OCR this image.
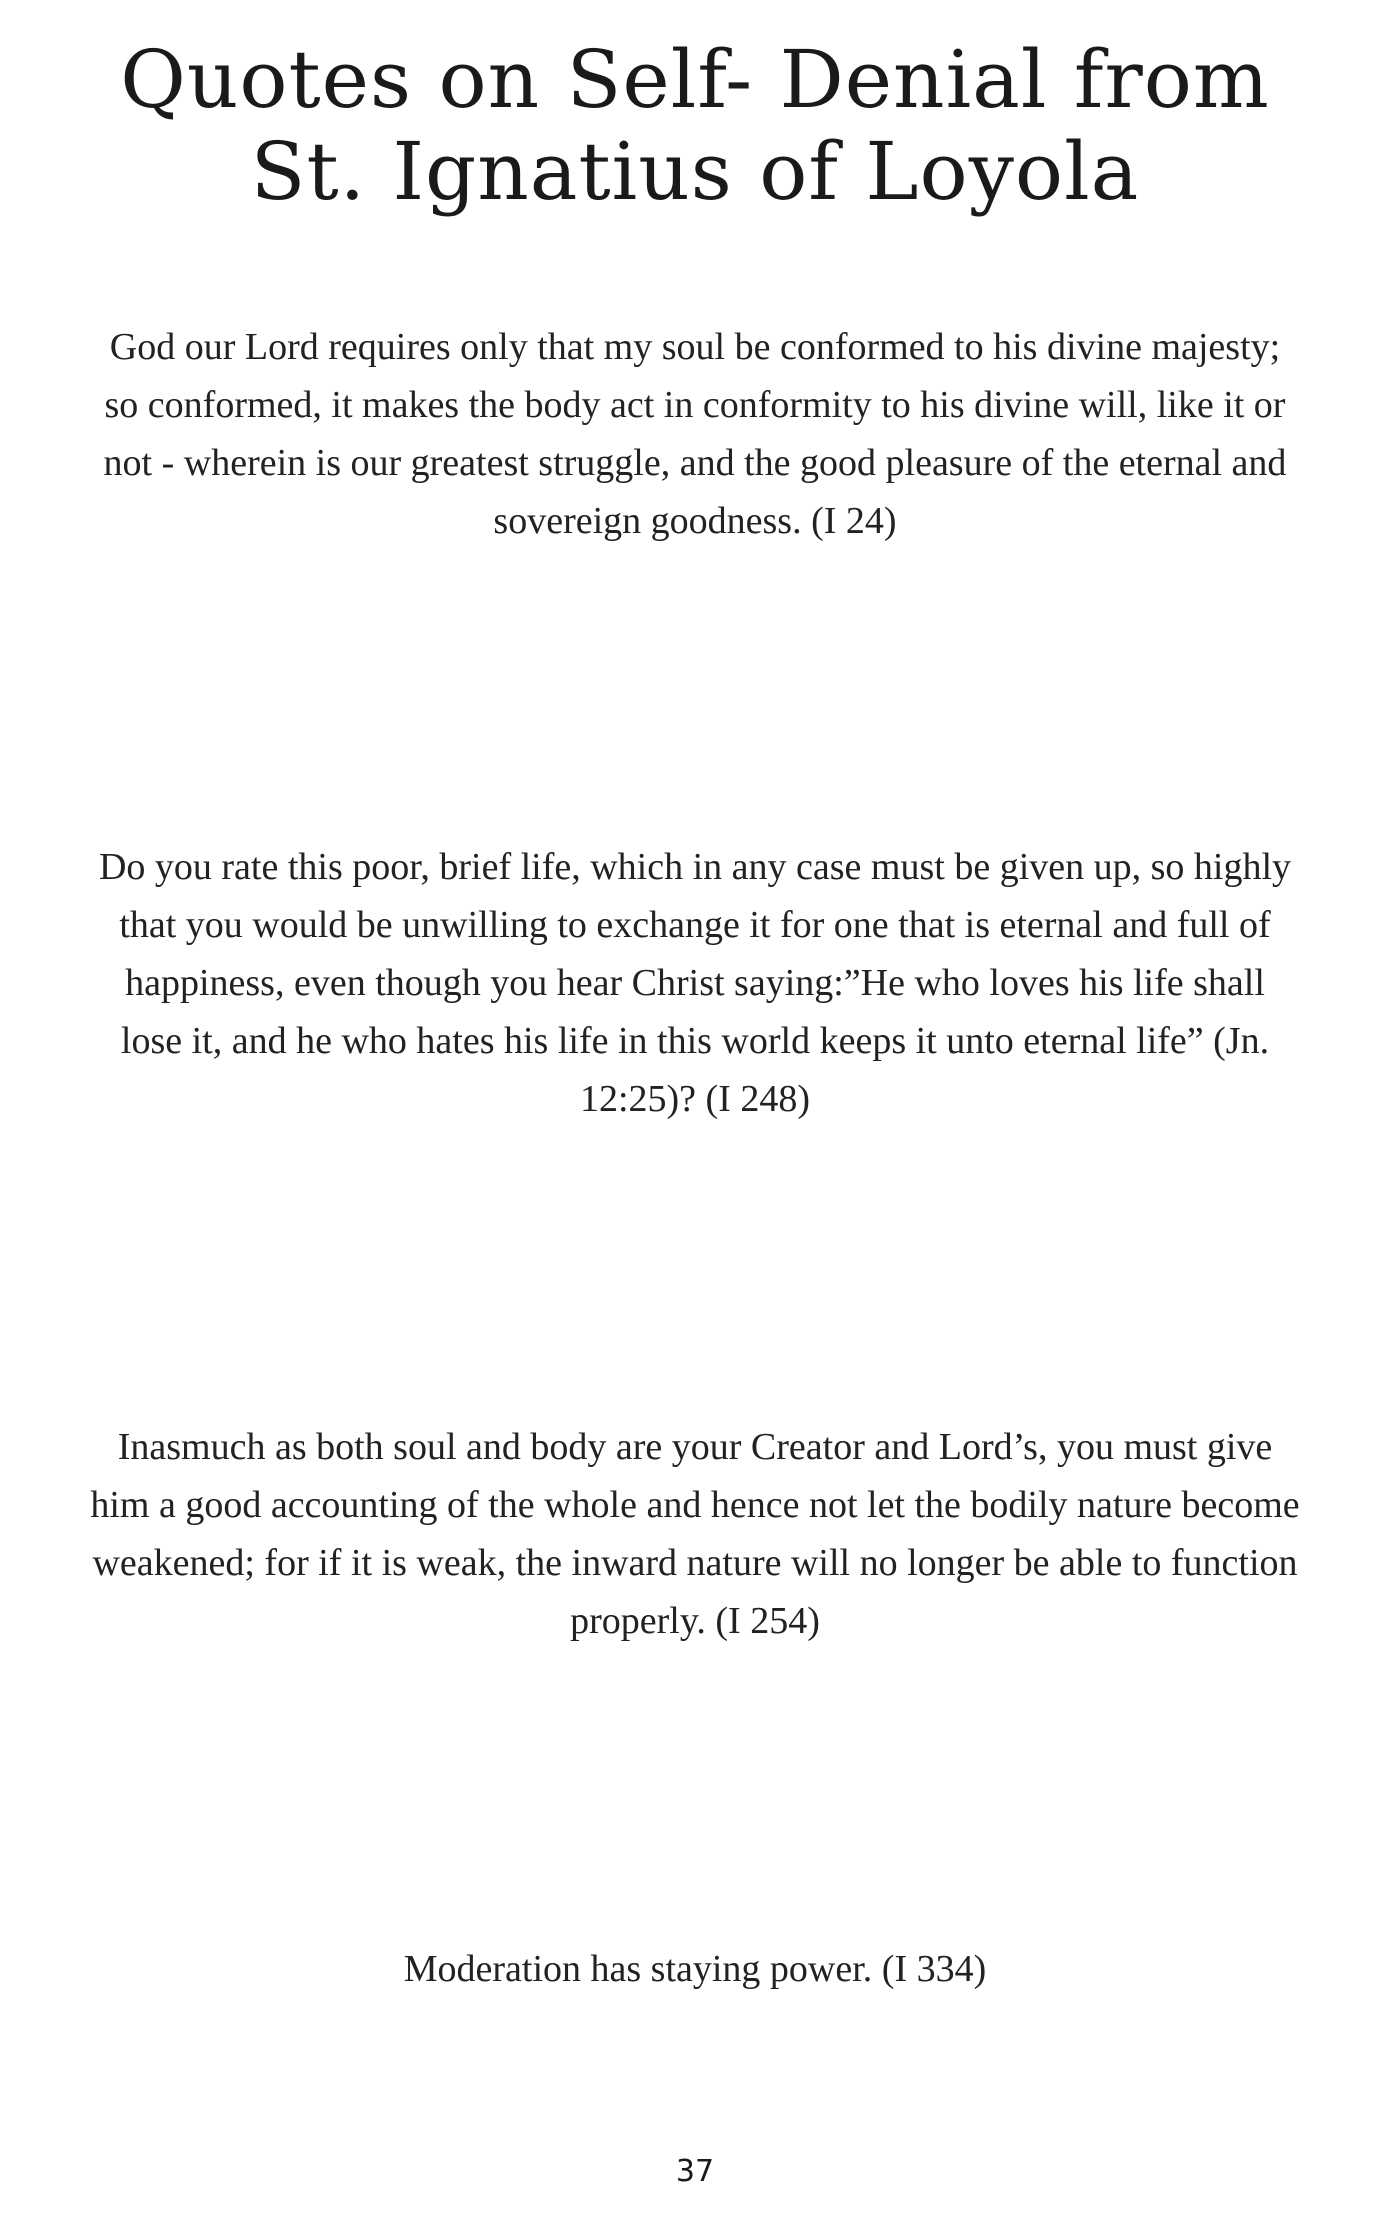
Quotes on Self- Denial from
St. Ignatius of Loyola

God our Lord requires only that my soul be conformed to his divine majesty; so conformed, it makes the body act in conformity to his divine will, like it or not - wherein is our greatest struggle, and the good pleasure of the eternal and sovereign goodness. (I 24)

Do you rate this poor, brief life, which in any case must be given up, so highly that you would be unwilling to exchange it for one that is eternal and full of happiness, even though you hear Christ saying:”He who loves his life shall lose it, and he who hates his life in this world keeps it unto eternal life” (Jn. 12:25)? (I 248)

Inasmuch as both soul and body are your Creator and Lord’s, you must give him a good accounting of the whole and hence not let the bodily nature become weakened; for if it is weak, the inward nature will no longer be able to function properly. (I 254)

Moderation has staying power. (I 334)

37
